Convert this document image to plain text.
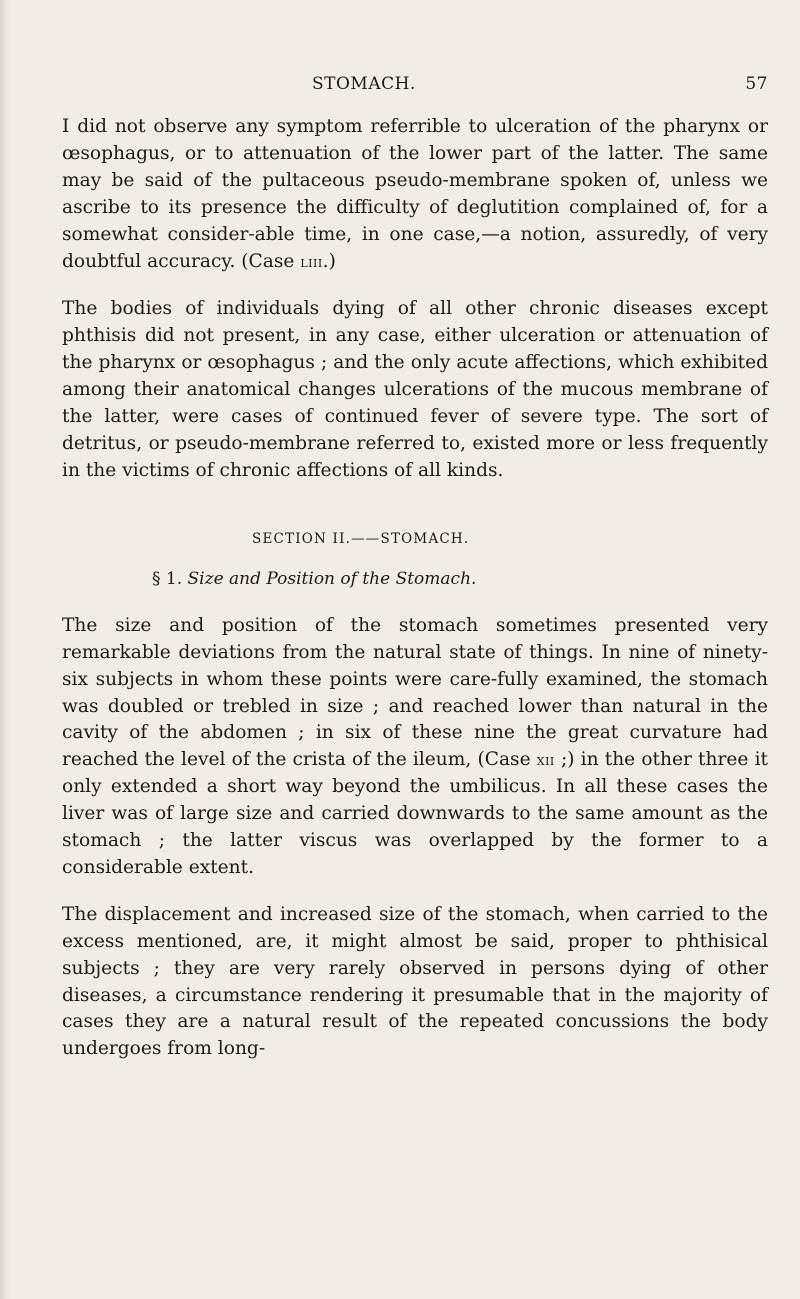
STOMACH.	57

I did not observe any symptom referrible to ulceration of the pharynx or œsophagus, or to attenuation of the lower part of the latter. The same may be said of the pultaceous pseudo-membrane spoken of, unless we ascribe to its presence the difficulty of deglutition complained of, for a somewhat consider-able time, in one case,—a notion, assuredly, of very doubtful accuracy. (Case liii.)

The bodies of individuals dying of all other chronic diseases except phthisis did not present, in any case, either ulceration or attenuation of the pharynx or œsophagus ; and the only acute affections, which exhibited among their anatomical changes ulcerations of the mucous membrane of the latter, were cases of continued fever of severe type. The sort of detritus, or pseudo-membrane referred to, existed more or less frequently in the victims of chronic affections of all kinds.

SECTION II.——STOMACH.
§ 1. Size and Position of the Stomach.

The size and position of the stomach sometimes presented very remarkable deviations from the natural state of things. In nine of ninety-six subjects in whom these points were care-fully examined, the stomach was doubled or trebled in size ; and reached lower than natural in the cavity of the abdomen ; in six of these nine the great curvature had reached the level of the crista of the ileum, (Case xii ;) in the other three it only extended a short way beyond the umbilicus. In all these cases the liver was of large size and carried downwards to the same amount as the stomach ; the latter viscus was overlapped by the former to a considerable extent.

The displacement and increased size of the stomach, when carried to the excess mentioned, are, it might almost be said, proper to phthisical subjects ; they are very rarely observed in persons dying of other diseases, a circumstance rendering it presumable that in the majority of cases they are a natural result of the repeated concussions the body undergoes from long-
